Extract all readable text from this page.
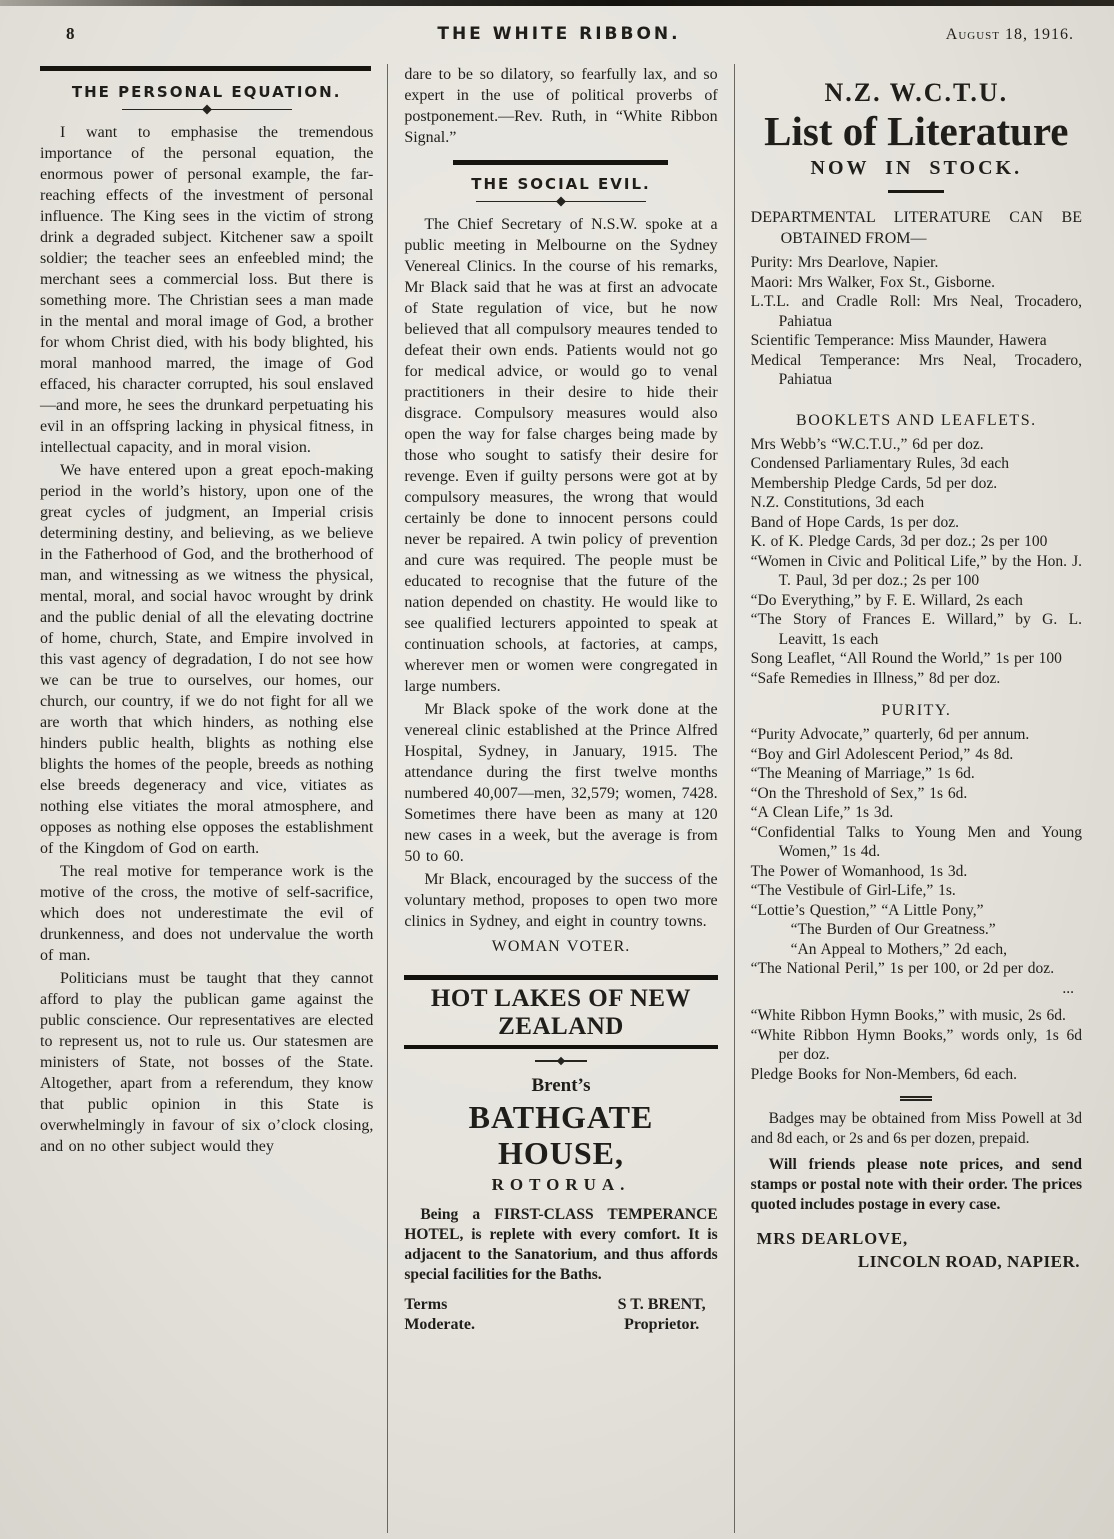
8	THE WHITE RIBBON.	August 18, 1916.
THE PERSONAL EQUATION.

I want to emphasise the tremendous importance of the personal equation, the enormous power of personal example, the far-reaching effects of the investment of personal influence. The King sees in the victim of strong drink a degraded subject. Kitchener saw a spoilt soldier; the teacher sees an enfeebled mind; the merchant sees a commercial loss. But there is something more. The Christian sees a man made in the mental and moral image of God, a brother for whom Christ died, with his body blighted, his moral manhood marred, the image of God effaced, his character corrupted, his soul enslaved—and more, he sees the drunkard perpetuating his evil in an offspring lacking in physical fitness, in intellectual capacity, and in moral vision.

We have entered upon a great epoch-making period in the world’s history, upon one of the great cycles of judgment, an Imperial crisis determining destiny, and believing, as we believe in the Fatherhood of God, and the brotherhood of man, and witnessing as we witness the physical, mental, moral, and social havoc wrought by drink and the public denial of all the elevating doctrine of home, church, State, and Empire involved in this vast agency of degradation, I do not see how we can be true to ourselves, our homes, our church, our country, if we do not fight for all we are worth that which hinders, as nothing else hinders public health, blights as nothing else blights the homes of the people, breeds as nothing else breeds degeneracy and vice, vitiates as nothing else vitiates the moral atmosphere, and opposes as nothing else opposes the establishment of the Kingdom of God on earth.

The real motive for temperance work is the motive of the cross, the motive of self-sacrifice, which does not underestimate the evil of drunkenness, and does not undervalue the worth of man.

Politicians must be taught that they cannot afford to play the publican game against the public conscience. Our representatives are elected to represent us, not to rule us. Our statesmen are ministers of State, not bosses of the State. Altogether, apart from a referendum, they know that public opinion in this State is overwhelmingly in favour of six o’clock closing, and on no other subject would they

dare to be so dilatory, so fearfully lax, and so expert in the use of political proverbs of postponement.—Rev. Ruth, in “White Ribbon Signal.”

THE SOCIAL EVIL.

The Chief Secretary of N.S.W. spoke at a public meeting in Melbourne on the Sydney Venereal Clinics. In the course of his remarks, Mr Black said that he was at first an advocate of State regulation of vice, but he now believed that all compulsory meaures tended to defeat their own ends. Patients would not go for medical advice, or would go to venal practitioners in their desire to hide their disgrace. Compulsory measures would also open the way for false charges being made by those who sought to satisfy their desire for revenge. Even if guilty persons were got at by compulsory measures, the wrong that would certainly be done to innocent persons could never be repaired. A twin policy of prevention and cure was required. The people must be educated to recognise that the future of the nation depended on chastity. He would like to see qualified lecturers appointed to speak at continuation schools, at factories, at camps, wherever men or women were congregated in large numbers.

Mr Black spoke of the work done at the venereal clinic established at the Prince Alfred Hospital, Sydney, in January, 1915. The attendance during the first twelve months numbered 40,007—men, 32,579; women, 7428. Sometimes there have been as many at 120 new cases in a week, but the average is from 50 to 60.

Mr Black, encouraged by the success of the voluntary method, proposes to open two more clinics in Sydney, and eight in country towns.

WOMAN VOTER.

HOT LAKES OF NEW ZEALAND
Brent’s
BATHGATE HOUSE,
ROTORUA.

Being a FIRST-CLASS TEMPERANCE HOTEL, is replete with every comfort. It is adjacent to the Sanatorium, and thus affords special facilities for the Baths.

Terms
Moderate.
S T. BRENT,
Proprietor.
N.Z. W.C.T.U.
List of Literature
NOW IN STOCK.

DEPARTMENTAL LITERATURE CAN BE OBTAINED FROM—

Purity: Mrs Dearlove, Napier.

Maori: Mrs Walker, Fox St., Gisborne.

L.T.L. and Cradle Roll: Mrs Neal, Trocadero, Pahiatua

Scientific Temperance: Miss Maunder, Hawera

Medical Temperance: Mrs Neal, Trocadero, Pahiatua

BOOKLETS AND LEAFLETS.

Mrs Webb’s “W.C.T.U.,” 6d per doz.

Condensed Parliamentary Rules, 3d each

Membership Pledge Cards, 5d per doz.

N.Z. Constitutions, 3d each

Band of Hope Cards, 1s per doz.

K. of K. Pledge Cards, 3d per doz.; 2s per 100

“Women in Civic and Political Life,” by the Hon. J. T. Paul, 3d per doz.; 2s per 100

“Do Everything,” by F. E. Willard, 2s each

“The Story of Frances E. Willard,” by G. L. Leavitt, 1s each

Song Leaflet, “All Round the World,” 1s per 100

“Safe Remedies in Illness,” 8d per doz.

PURITY.

“Purity Advocate,” quarterly, 6d per annum.

“Boy and Girl Adolescent Period,” 4s 8d.

“The Meaning of Marriage,” 1s 6d.

“On the Threshold of Sex,” 1s 6d.

“A Clean Life,” 1s 3d.

“Confidential Talks to Young Men and Young Women,” 1s 4d.

The Power of Womanhood, 1s 3d.

“The Vestibule of Girl-Life,” 1s.

“Lottie’s Question,” “A Little Pony,”

“The Burden of Our Greatness.”

“An Appeal to Mothers,” 2d each,

“The National Peril,” 1s per 100, or 2d per doz.

...

“White Ribbon Hymn Books,” with music, 2s 6d.

“White Ribbon Hymn Books,” words only, 1s 6d per doz.

Pledge Books for Non-Members, 6d each.

Badges may be obtained from Miss Powell at 3d and 8d each, or 2s and 6s per dozen, prepaid.

Will friends please note prices, and send stamps or postal note with their order. The prices quoted includes postage in every case.

MRS DEARLOVE,
LINCOLN ROAD, NAPIER.
